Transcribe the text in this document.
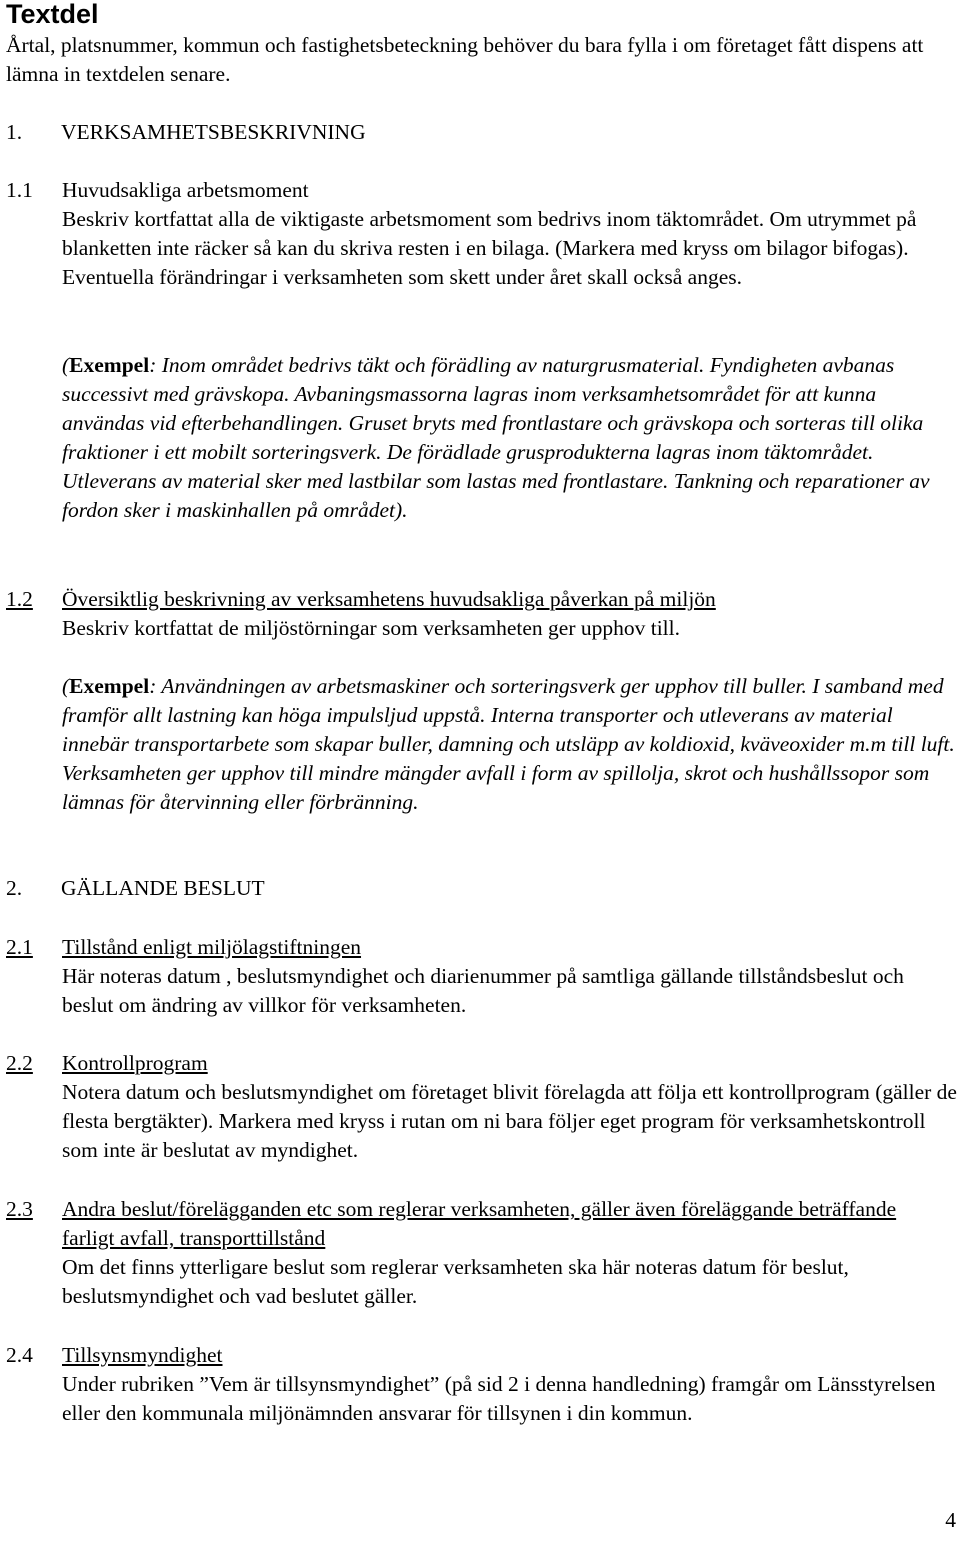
Textdel

Årtal, platsnummer, kommun och fastighetsbeteckning behöver du bara fylla i om företaget fått dispens att lämna in textdelen senare.

1. VERKSAMHETSBESKRIVNING
1.1 Huvudsakliga arbetsmoment
Beskriv kortfattat alla de viktigaste arbetsmoment som bedrivs inom täktområdet. Om utrymmet på blanketten inte räcker så kan du skriva resten i en bilaga. (Markera med kryss om bilagor bifogas). Eventuella förändringar i verksamheten som skett under året skall också anges.

(Exempel: Inom området bedrivs täkt och förädling av naturgrusmaterial. Fyndigheten avbanas successivt med grävskopa. Avbaningsmassorna lagras inom verksamhetsområdet för att kunna användas vid efterbehandlingen. Gruset bryts med frontlastare och grävskopa och sorteras till olika fraktioner i ett mobilt sorteringsverk. De förädlade grusprodukterna lagras inom täktområdet. Utleverans av material sker med lastbilar som lastas med frontlastare. Tankning och reparationer av fordon sker i maskinhallen på området).

1.2 Översiktlig beskrivning av verksamhetens huvudsakliga påverkan på miljön
Beskriv kortfattat de miljöstörningar som verksamheten ger upphov till.

(Exempel: Användningen av arbetsmaskiner och sorteringsverk ger upphov till buller. I samband med framför allt lastning kan höga impulsljud uppstå. Interna transporter och utleverans av material innebär transportarbete som skapar buller, damning och utsläpp av koldioxid, kväveoxider m.m till luft. Verksamheten ger upphov till mindre mängder avfall i form av spillolja, skrot och hushållssopor som lämnas för återvinning eller förbränning.

2. GÄLLANDE BESLUT
2.1 Tillstånd enligt miljölagstiftningen
Här noteras datum , beslutsmyndighet och diarienummer på samtliga gällande tillståndsbeslut och beslut om ändring av villkor för verksamheten.
2.2 Kontrollprogram
Notera datum och beslutsmyndighet om företaget blivit förelagda att följa ett kontrollprogram (gäller de flesta bergtäkter). Markera med kryss i rutan om ni bara följer eget program för verksamhetskontroll som inte är beslutat av myndighet.
2.3 Andra beslut/förelägganden etc som reglerar verksamheten, gäller även föreläggande beträffande farligt avfall, transporttillstånd
Om det finns ytterligare beslut som reglerar verksamheten ska här noteras datum för beslut, beslutsmyndighet och vad beslutet gäller.
2.4 Tillsynsmyndighet
Under rubriken ”Vem är tillsynsmyndighet” (på sid 2 i denna handledning) framgår om Länsstyrelsen eller den kommunala miljönämnden ansvarar för tillsynen i din kommun.

4
